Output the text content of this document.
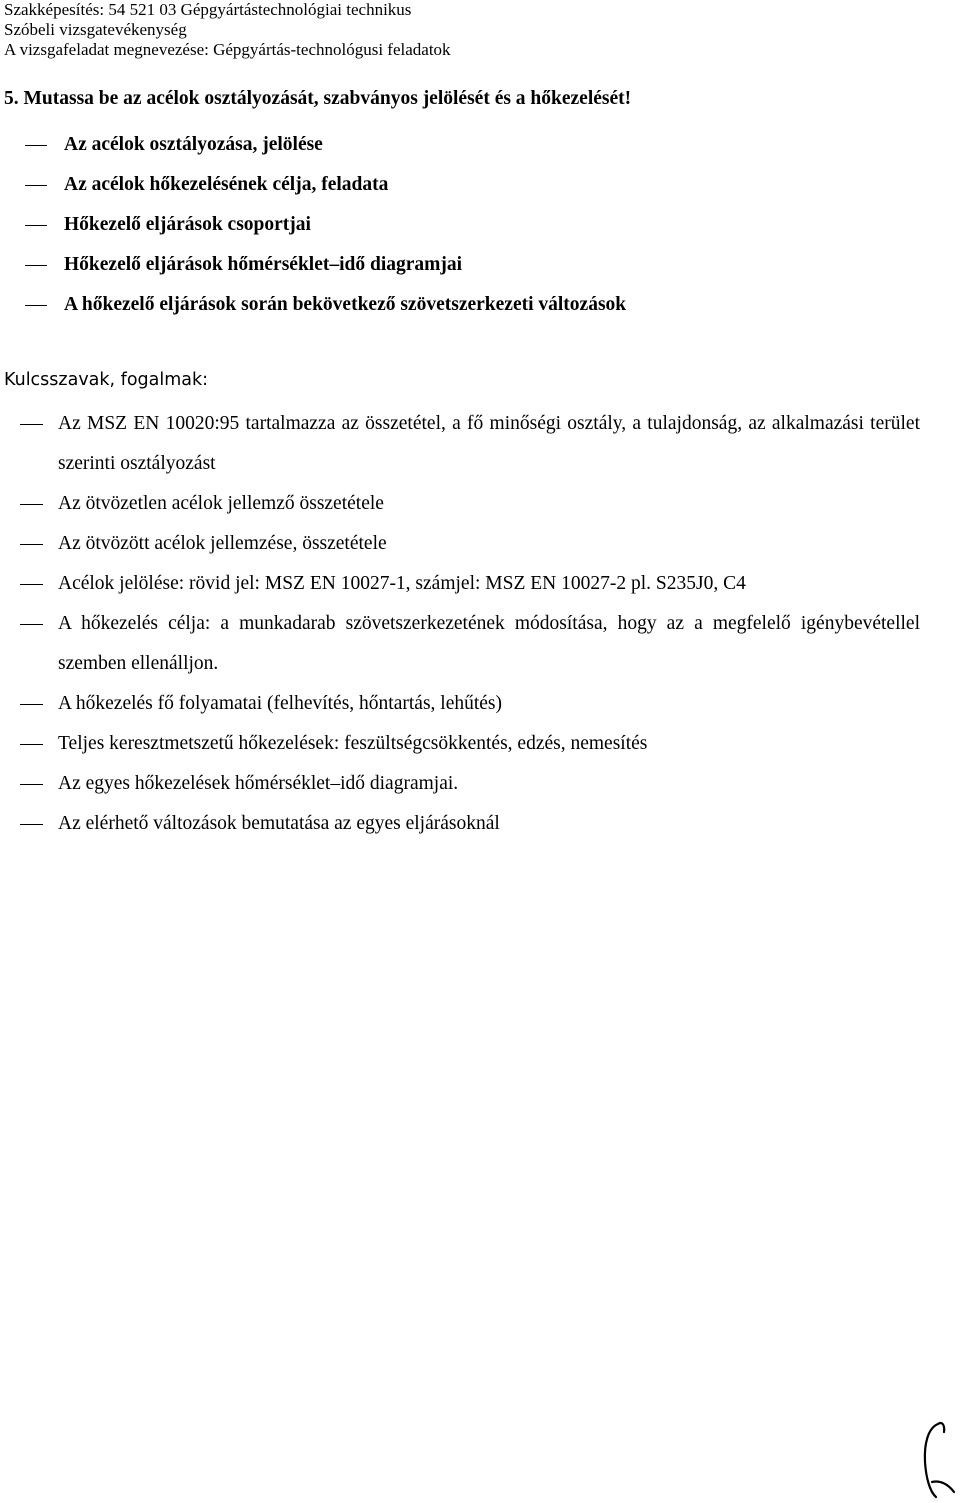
Szakképesítés: 54 521 03 Gépgyártástechnológiai technikus
Szóbeli vizsgatevékenység
A vizsgafeladat megnevezése: Gépgyártás-technológusi feladatok
5. Mutassa be az acélok osztályozását, szabványos jelölését és a hőkezelését!
Az acélok osztályozása, jelölése
Az acélok hőkezelésének célja, feladata
Hőkezelő eljárások csoportjai
Hőkezelő eljárások hőmérséklet–idő diagramjai
A hőkezelő eljárások során bekövetkező szövetszerkezeti változások
Kulcsszavak, fogalmak:
Az MSZ EN 10020:95 tartalmazza az összetétel, a fő minőségi osztály, a tulajdonság, az alkalmazási terület szerinti osztályozást
Az ötvözetlen acélok jellemző összetétele
Az ötvözött acélok jellemzése, összetétele
Acélok jelölése: rövid jel: MSZ EN 10027-1, számjel: MSZ EN 10027-2 pl. S235J0, C4
A hőkezelés célja: a munkadarab szövetszerkezetének módosítása, hogy az a megfelelő igénybevétellel szemben ellenálljon.
A hőkezelés fő folyamatai (felhevítés, hőntartás, lehűtés)
Teljes keresztmetszetű hőkezelések: feszültségcsökkentés, edzés, nemesítés
Az egyes hőkezelések hőmérséklet–idő diagramjai.
Az elérhető változások bemutatása az egyes eljárásoknál
